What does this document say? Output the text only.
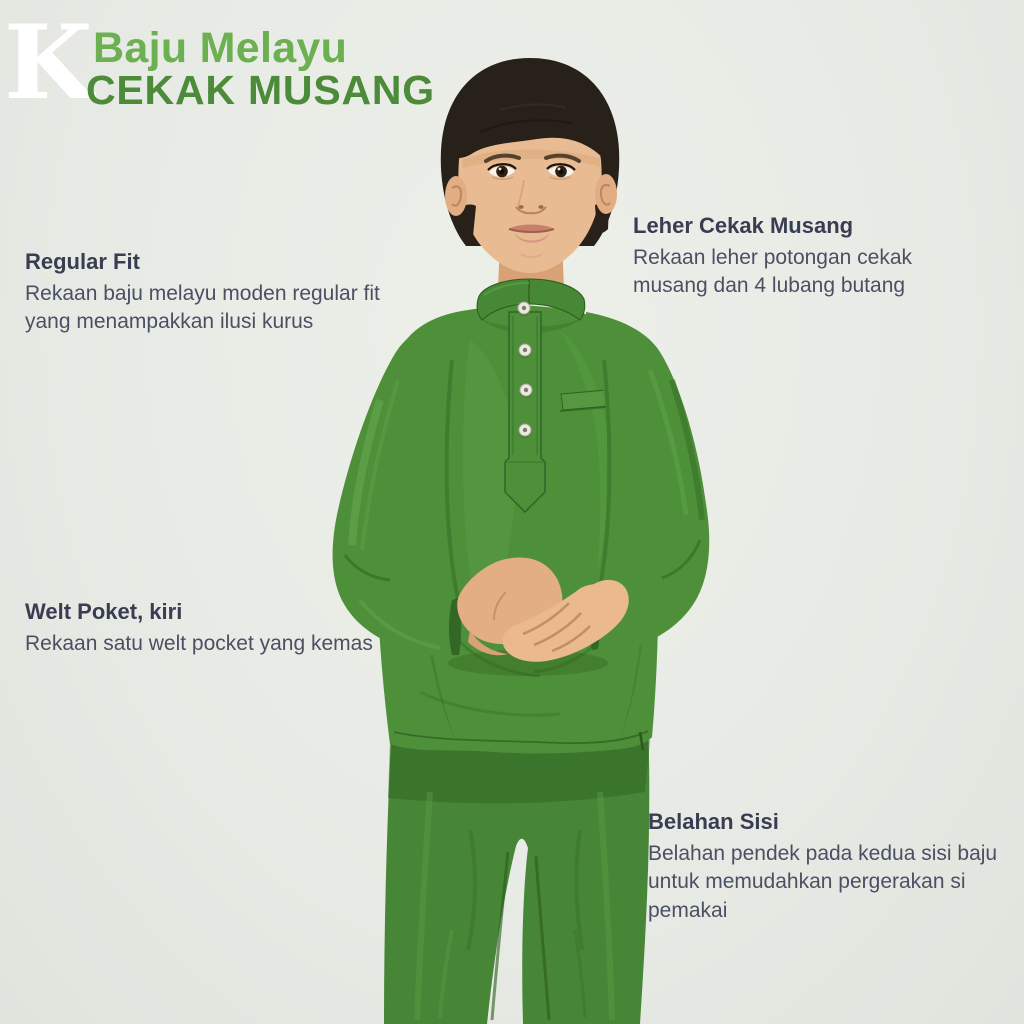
K Baju Melayu
CEKAK MUSANG
Regular Fit
Rekaan baju melayu moden regular fit yang menampakkan ilusi kurus
Leher Cekak Musang
Rekaan leher potongan cekak musang dan 4 lubang butang
Welt Poket, kiri
Rekaan satu welt pocket yang kemas
Belahan Sisi
Belahan pendek pada kedua sisi baju untuk memudahkan pergerakan si pemakai
